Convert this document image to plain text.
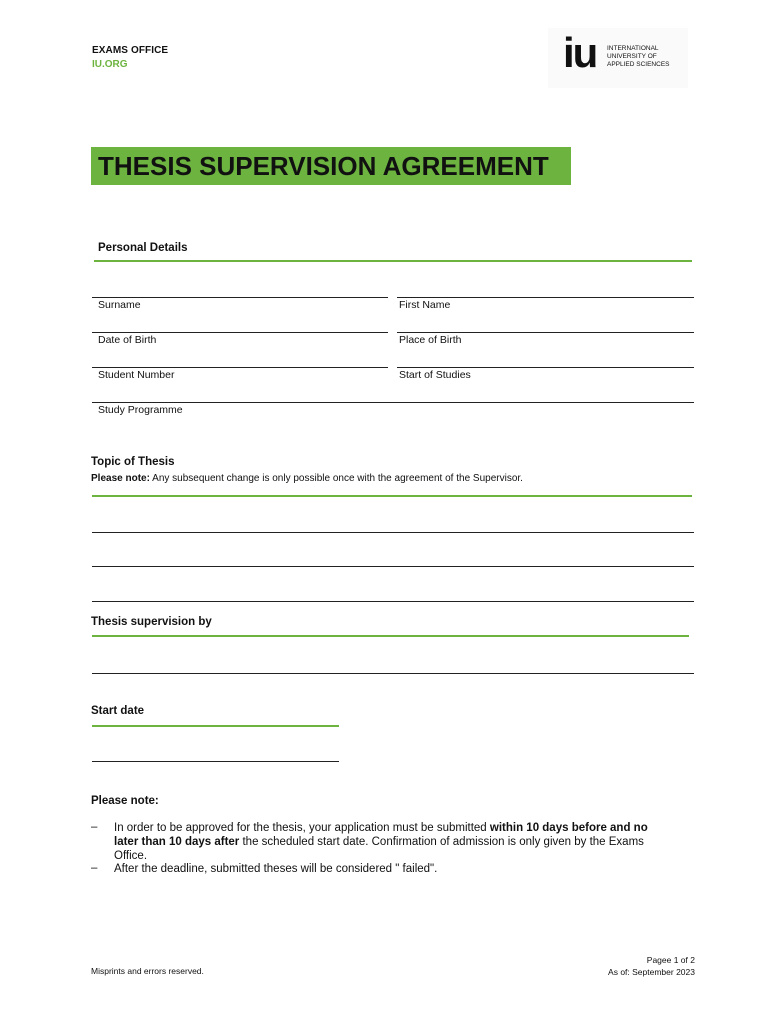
EXAMS OFFICE
IU.ORG	iu INTERNATIONAL
UNIVERSITY OF
APPLIED SCIENCES
THESIS SUPERVISION AGREEMENT
Personal Details
Surname	First Name
Date of Birth	Place of Birth
Student Number	Start of Studies
Study Programme
Topic of Thesis
Please note: Any subsequent change is only possible once with the agreement of the Supervisor.
Thesis supervision by
Start date
Please note:
– In order to be approved for the thesis, your application must be submitted within 10 days before and no later than 10 days after the scheduled start date. Confirmation of admission is only given by the Exams Office.
– After the deadline, submitted theses will be considered " failed".
Misprints and errors reserved.
Pagee 1 of 2
As of: September 2023
